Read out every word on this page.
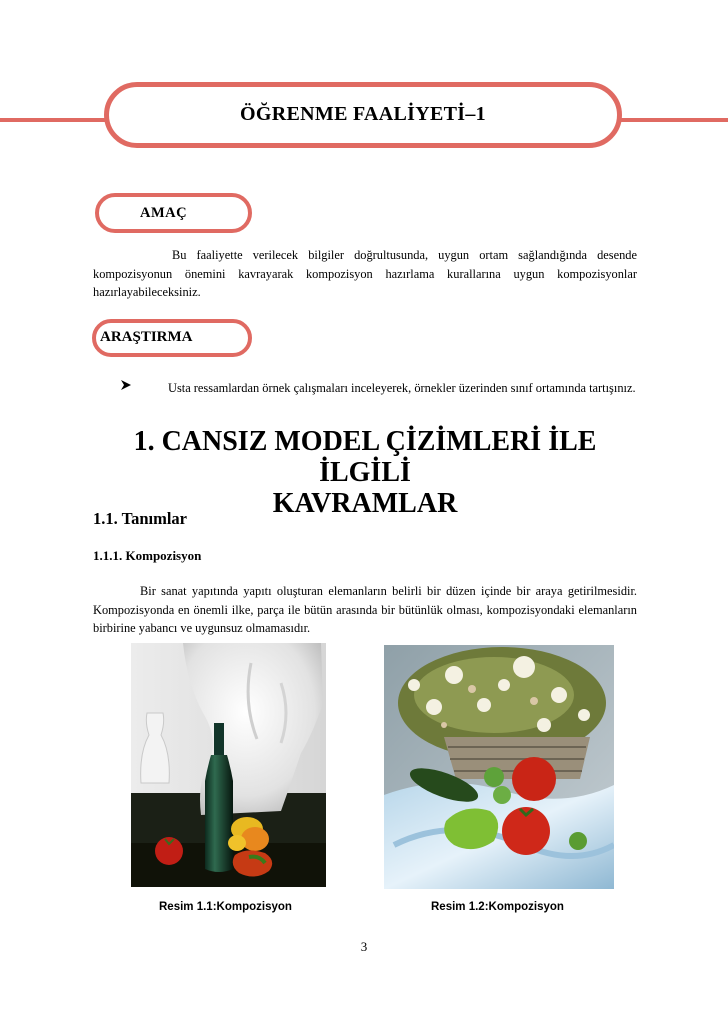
ÖĞRENME FAALİYETİ–1
AMAÇ
Bu faaliyette verilecek bilgiler doğrultusunda, uygun ortam sağlandığında desende kompozisyonun önemini kavrayarak kompozisyon hazırlama kurallarına uygun kompozisyonlar hazırlayabileceksiniz.
ARAŞTIRMA
Usta ressamlardan örnek çalışmaları inceleyerek, örnekler üzerinden sınıf ortamında tartışınız.
1. CANSIZ MODEL ÇİZİMLERİ İLE İLGİLİ
KAVRAMLAR
1.1. Tanımlar
1.1.1. Kompozisyon
Bir sanat yapıtında yapıtı oluşturan elemanların belirli bir düzen içinde bir araya getirilmesidir. Kompozisyonda en önemli ilke, parça ile bütün arasında bir bütünlük olması, kompozisyondaki elemanların birbirine yabancı ve uygunsuz olmamasıdır.
Resim 1.1:Kompozisyon	Resim 1.2:Kompozisyon
3
